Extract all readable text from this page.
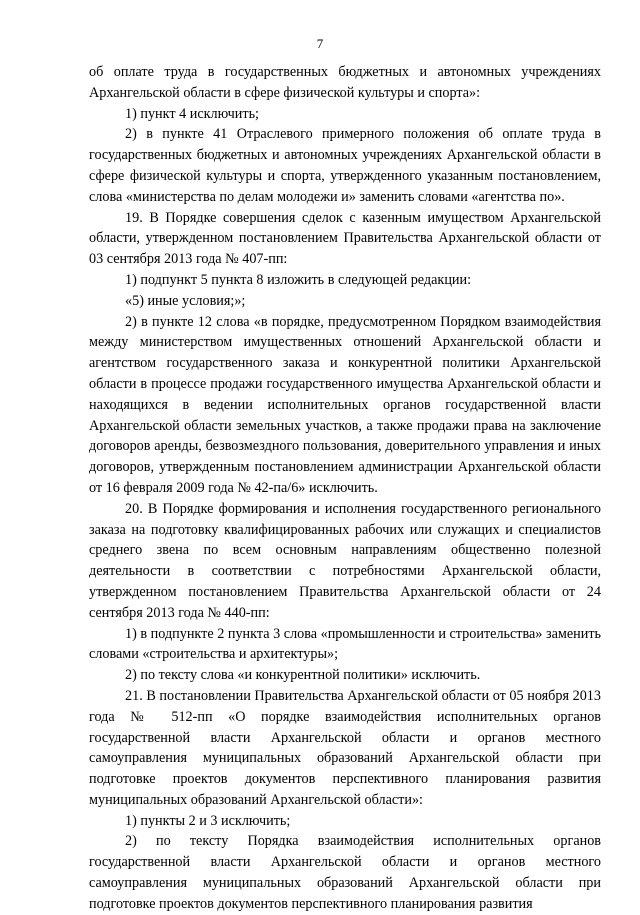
7

об оплате труда в государственных бюджетных и автономных учреждениях Архангельской области в сфере физической культуры и спорта»:

1) пункт 4 исключить;

2) в пункте 41 Отраслевого примерного положения об оплате труда в государственных бюджетных и автономных учреждениях Архангельской области в сфере физической культуры и спорта, утвержденного указанным постановлением, слова «министерства по делам молодежи и» заменить словами «агентства по».

19. В Порядке совершения сделок с казенным имуществом Архангельской области, утвержденном постановлением Правительства Архангельской области от 03 сентября 2013 года № 407-пп:

1) подпункт 5 пункта 8 изложить в следующей редакции:

«5) иные условия;»;

2) в пункте 12 слова «в порядке, предусмотренном Порядком взаимодействия между министерством имущественных отношений Архангельской области и агентством государственного заказа и конкурентной политики Архангельской области в процессе продажи государственного имущества Архангельской области и находящихся в ведении исполнительных органов государственной власти Архангельской области земельных участков, а также продажи права на заключение договоров аренды, безвозмездного пользования, доверительного управления и иных договоров, утвержденным постановлением администрации Архангельской области от 16 февраля 2009 года № 42-па/6» исключить.

20. В Порядке формирования и исполнения государственного регионального заказа на подготовку квалифицированных рабочих или служащих и специалистов среднего звена по всем основным направлениям общественно полезной деятельности в соответствии с потребностями Архангельской области, утвержденном постановлением Правительства Архангельской области от 24 сентября 2013 года № 440-пп:

1) в подпункте 2 пункта 3 слова «промышленности и строительства» заменить словами «строительства и архитектуры»;

2) по тексту слова «и конкурентной политики» исключить.

21. В постановлении Правительства Архангельской области от 05 ноября 2013 года № 512-пп «О порядке взаимодействия исполнительных органов государственной власти Архангельской области и органов местного самоуправления муниципальных образований Архангельской области при подготовке проектов документов перспективного планирования развития муниципальных образований Архангельской области»:

1) пункты 2 и 3 исключить;

2) по тексту Порядка взаимодействия исполнительных органов государственной власти Архангельской области и органов местного самоуправления муниципальных образований Архангельской области при подготовке проектов документов перспективного планирования развития
